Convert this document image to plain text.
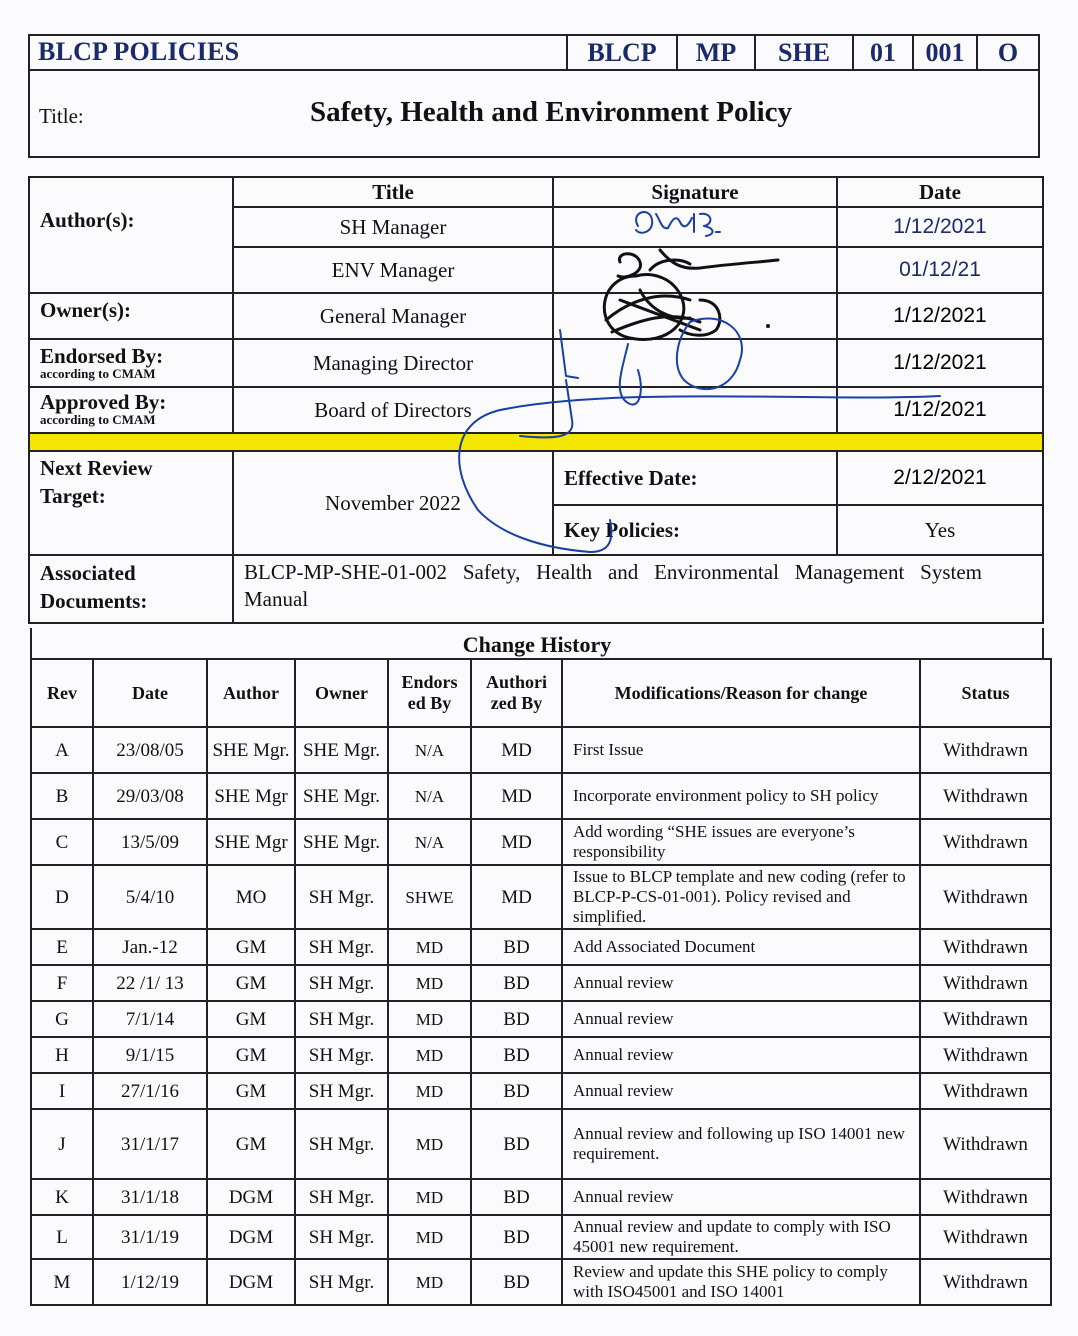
BLCP POLICIES	BLCP	MP	SHE	01	001	O
Title:	Safety, Health and Environment Policy
Author(s):	Title	Signature	Date
	SH Manager		1/12/2021
	ENV Manager		01/12/21

Owner(s):	General Manager		1/12/2021

Endorsed By:
according to CMAM	Managing Director		1/12/2021

Approved By:
according to CMAM	Board of Directors		1/12/2021

Next Review Target:	November 2022	Effective Date:	2/12/2021
		Key Policies:	Yes

Associated Documents:	BLCP-MP-SHE-01-002 Safety, Health and Environmental Management System Manual		
Change History
Rev	Date	Author	Owner	Endors ed By	Authori zed By	Modifications/Reason for change	Status
A	23/08/05	SHE Mgr.	SHE Mgr.	N/A	MD	First Issue	Withdrawn
B	29/03/08	SHE Mgr	SHE Mgr.	N/A	MD	Incorporate environment policy to SH policy	Withdrawn
C	13/5/09	SHE Mgr	SHE Mgr.	N/A	MD	Add wording “SHE issues are everyone’s responsibility	Withdrawn
D	5/4/10	MO	SH Mgr.	SHWE	MD	Issue to BLCP template and new coding (refer to BLCP-P-CS-01-001). Policy revised and simplified.	Withdrawn
E	Jan.-12	GM	SH Mgr.	MD	BD	Add Associated Document	Withdrawn
F	22 /1/ 13	GM	SH Mgr.	MD	BD	Annual review	Withdrawn
G	7/1/14	GM	SH Mgr.	MD	BD	Annual review	Withdrawn
H	9/1/15	GM	SH Mgr.	MD	BD	Annual review	Withdrawn
I	27/1/16	GM	SH Mgr.	MD	BD	Annual review	Withdrawn
J	31/1/17	GM	SH Mgr.	MD	BD	Annual review and following up ISO 14001 new requirement.	Withdrawn
K	31/1/18	DGM	SH Mgr.	MD	BD	Annual review	Withdrawn
L	31/1/19	DGM	SH Mgr.	MD	BD	Annual review and update to comply with ISO 45001 new requirement.	Withdrawn
M	1/12/19	DGM	SH Mgr.	MD	BD	Review and update this SHE policy to comply with ISO45001 and ISO 14001	Withdrawn
